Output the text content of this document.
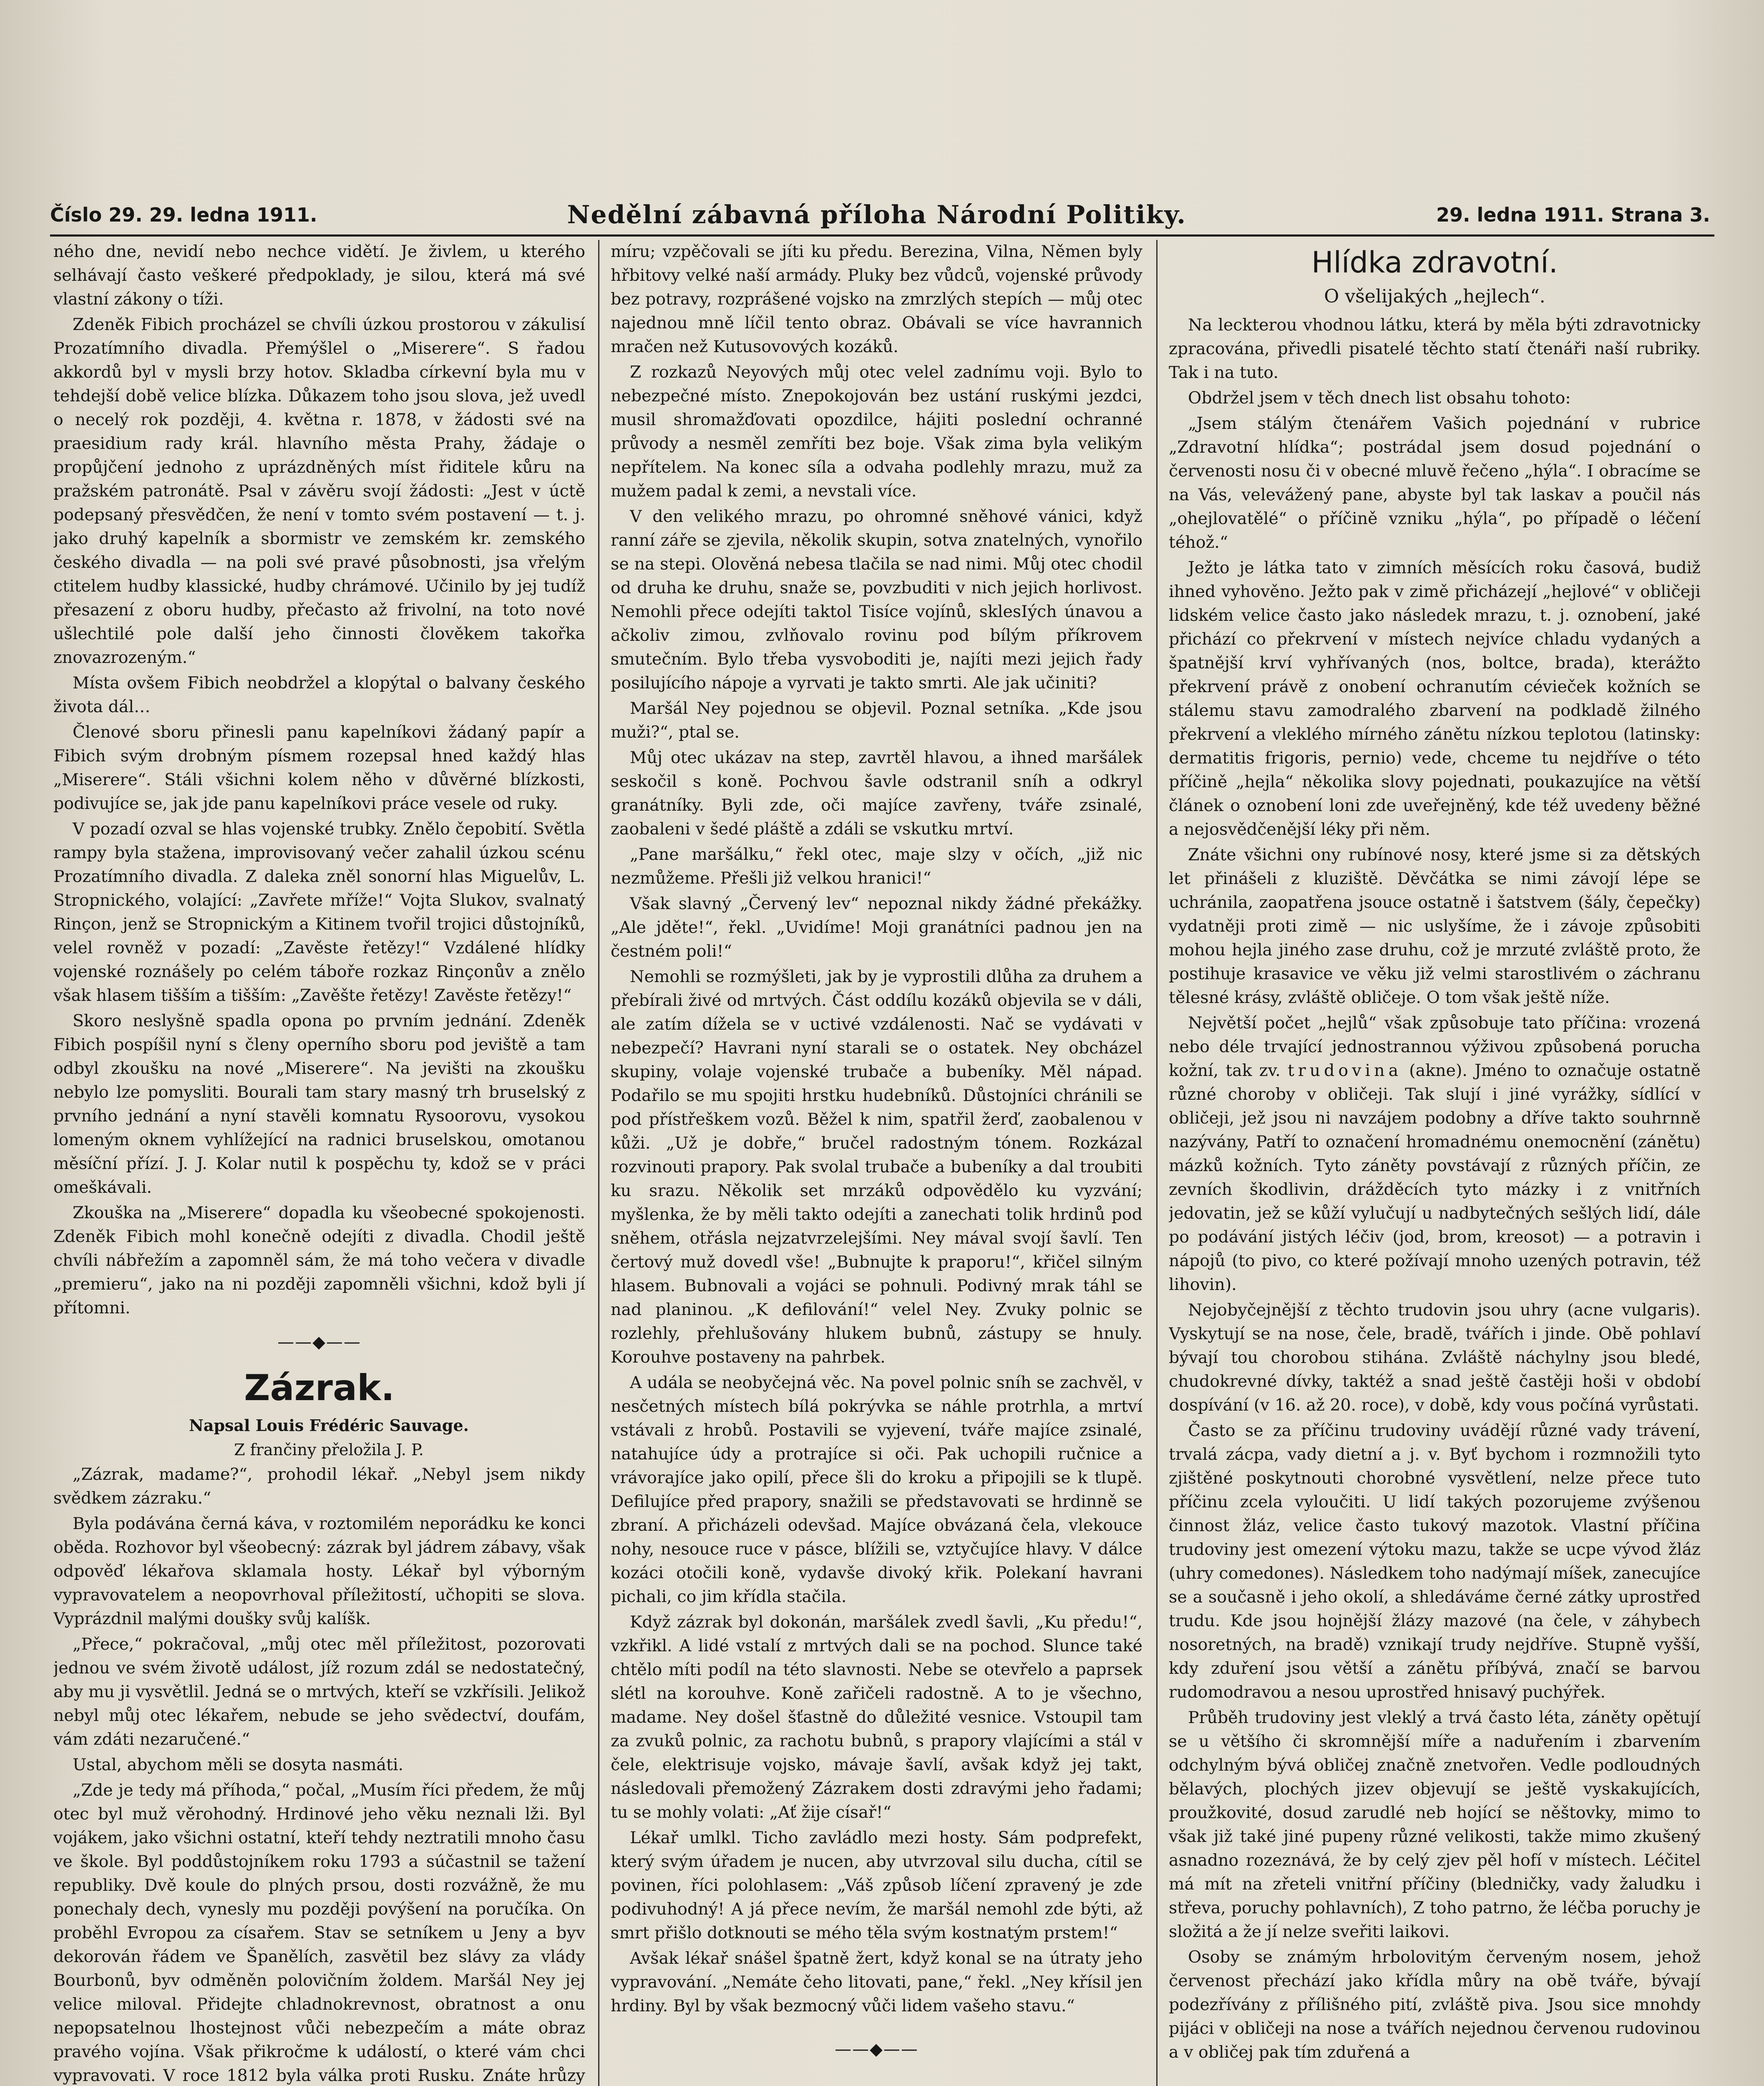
Číslo 29. 29. ledna 1911.	Nedělní zábavná příloha Národní Politiky.	29. ledna 1911. Strana 3.

ného dne, nevidí nebo nechce vidětí. Je živlem, u kterého selhávají často veškeré předpoklady, je silou, která má své vlastní zákony o tíži.

Zdeněk Fibich procházel se chvíli úzkou prostorou v zákulisí Prozatímního divadla. Přemýšlel o „Miserere“. S řadou akkordů byl v mysli brzy hotov. Skladba církevní byla mu v tehdejší době velice blízka. Důkazem toho jsou slova, jež uvedl o necelý rok později, 4. května r. 1878, v žádosti své na praesidium rady král. hlavního města Prahy, žádaje o propůjčení jednoho z uprázdněných míst řiditele kůru na pražském patronátě. Psal v závěru svojí žádosti: „Jest v úctě podepsaný přesvědčen, že není v tomto svém postavení — t. j. jako druhý kapelník a sbormistr ve zemském kr. zemského českého divadla — na poli své pravé působnosti, jsa vřelým ctitelem hudby klassické, hudby chrámové. Učinilo by jej tudíž přesazení z oboru hudby, přečasto až frivolní, na toto nové ušlechtilé pole další jeho činnosti člověkem takořka znovazrozeným.“

Místa ovšem Fibich neobdržel a klopýtal o balvany českého života dál…

Členové sboru přinesli panu kapelníkovi žádaný papír a Fibich svým drobným písmem rozepsal hned každý hlas „Miserere“. Stáli všichni kolem něho v důvěrné blízkosti, podivujíce se, jak jde panu kapelníkovi práce vesele od ruky.

V pozadí ozval se hlas vojenské trubky. Znělo čepobití. Světla rampy byla stažena, improvisovaný večer zahalil úzkou scénu Prozatímního divadla. Z daleka zněl sonorní hlas Miguelův, L. Stropnického, volající: „Zavřete mříže!“ Vojta Slukov, svalnatý Rinçon, jenž se Stropnickým a Kitinem tvořil trojici důstojníků, velel rovněž v pozadí: „Zavěste řetězy!“ Vzdálené hlídky vojenské roznášely po celém táboře rozkaz Rinçonův a znělo však hlasem tišším a tišším: „Zavěšte řetězy! Zavěste řetězy!“

Skoro neslyšně spadla opona po prvním jednání. Zdeněk Fibich pospíšil nyní s členy operního sboru pod jeviště a tam odbyl zkoušku na nové „Miserere“. Na jevišti na zkoušku nebylo lze pomysliti. Bourali tam stary masný trh bruselský z prvního jednání a nyní stavěli komnatu Rysoorovu, vysokou lomeným oknem vyhlížející na radnici bruselskou, omotanou měsíční přízí. J. J. Kolar nutil k pospěchu ty, kdož se v práci omeškávali.

Zkouška na „Miserere“ dopadla ku všeobecné spokojenosti. Zdeněk Fibich mohl konečně odejíti z divadla. Chodil ještě chvíli nábřežím a zapomněl sám, že má toho večera v divadle „premieru“, jako na ni později zapomněli všichni, kdož byli jí přítomni.

——◆——
Zázrak.

Napsal Louis Frédéric Sauvage.

Z frančiny přeložila J. P.

„Zázrak, madame?“, prohodil lékař. „Nebyl jsem nikdy svědkem zázraku.“

Byla podávána černá káva, v roztomilém neporádku ke konci oběda. Rozhovor byl všeobecný: zázrak byl jádrem zábavy, však odpověď lékařova sklamala hosty. Lékař byl výborným vypravovatelem a neopovrhoval příležitostí, učhopiti se slova. Vyprázdnil malými doušky svůj kalíšk.

„Přece,“ pokračoval, „můj otec měl příležitost, pozorovati jednou ve svém životě událost, jíž rozum zdál se nedostatečný, aby mu ji vysvětlil. Jedná se o mrtvých, kteří se vzkřísili. Jelikož nebyl můj otec lékařem, nebude se jeho svědectví, doufám, vám zdáti nezaručené.“

Ustal, abychom měli se dosyta nasmáti.

„Zde je tedy má příhoda,“ počal, „Musím říci předem, že můj otec byl muž věrohodný. Hrdinové jeho věku neznali lži. Byl vojákem, jako všichni ostatní, kteří tehdy neztratili mnoho času ve škole. Byl poddůstojníkem roku 1793 a súčastnil se tažení republiky. Dvě koule do plných prsou, dosti rozvážně, že mu ponechaly dech, vynesly mu později povýšení na poručíka. On proběhl Evropou za císařem. Stav se setníkem u Jeny a byv dekorován řádem ve Španělích, zasvětil bez slávy za vlády Bourbonů, byv odměněn polovičním žoldem. Maršál Ney jej velice miloval. Přidejte chladnokrevnost, obratnost a onu nepopsatelnou lhostejnost vůči nebezpečím a máte obraz pravého vojína. Však přikročme k událostí, o které vám chci vypravovati. V roce 1812 byla válka proti Rusku. Znáte hrůzy

míru; vzpěčovali se jíti ku předu. Berezina, Vilna, Němen byly hřbitovy velké naší armády. Pluky bez vůdců, vojenské průvody bez potravy, rozprášené vojsko na zmrzlých stepích — můj otec najednou mně líčil tento obraz. Obávali se více havrannich mračen než Kutusovových kozáků.

Z rozkazů Neyových můj otec velel zadnímu voji. Bylo to nebezpečné místo. Znepokojován bez ustání ruskými jezdci, musil shromažďovati opozdilce, hájiti poslední ochranné průvody a nesměl zemříti bez boje. Však zima byla velikým nepřítelem. Na konec síla a odvaha podlehly mrazu, muž za mužem padal k zemi, a nevstali více.

V den velikého mrazu, po ohromné sněhové vánici, když ranní záře se zjevila, několik skupin, sotva znatelných, vynořilo se na stepi. Olověná nebesa tlačila se nad nimi. Můj otec chodil od druha ke druhu, snaže se, povzbuditi v nich jejich horlivost. Nemohli přece odejíti taktol Tisíce vojínů, sklesIých únavou a ačkoliv zimou, zvlňovalo rovinu pod bílým příkrovem smutečním. Bylo třeba vysvoboditi je, najíti mezi jejich řady posilujícího nápoje a vyrvati je takto smrti. Ale jak učiniti?

Maršál Ney pojednou se objevil. Poznal setníka. „Kde jsou muži?“, ptal se.

Můj otec ukázav na step, zavrtěl hlavou, a ihned maršálek seskočil s koně. Pochvou šavle odstranil sníh a odkryl granátníky. Byli zde, oči majíce zavřeny, tváře zsinalé, zaobaleni v šedé pláště a zdáli se vskutku mrtví.

„Pane maršálku,“ řekl otec, maje slzy v očích, „již nic nezmůžeme. Přešli již velkou hranici!“

Však slavný „Červený lev“ nepoznal nikdy žádné překážky. „Ale jděte!“, řekl. „Uvidíme! Moji granátníci padnou jen na čestném poli!“

Nemohli se rozmýšleti, jak by je vyprostili dlůha za druhem a přebírali živé od mrtvých. Část oddílu kozáků objevila se v dáli, ale zatím dížela se v uctivé vzdálenosti. Nač se vydávati v nebezpečí? Havrani nyní starali se o ostatek. Ney obcházel skupiny, volaje vojenské trubače a bubeníky. Měl nápad. Podařilo se mu spojiti hrstku hudebníků. Důstojníci chránili se pod přístřeškem vozů. Běžel k nim, spatřil žerď, zaobalenou v kůži. „Už je dobře,“ bručel radostným tónem. Rozkázal rozvinouti prapory. Pak svolal trubače a bubeníky a dal troubiti ku srazu. Několik set mrzáků odpovědělo ku vyzvání; myšlenka, že by měli takto odejíti a zanechati tolik hrdinů pod sněhem, otřásla nejzatvrzelejšími. Ney mával svojí šavlí. Ten čertový muž dovedl vše! „Bubnujte k praporu!“, křičel silným hlasem. Bubnovali a vojáci se pohnuli. Podivný mrak táhl se nad planinou. „K defilování!“ velel Ney. Zvuky polnic se rozlehly, přehlušovány hlukem bubnů, zástupy se hnuly. Korouhve postaveny na pahrbek.

A udála se neobyčejná věc. Na povel polnic sníh se zachvěl, v nesčetných místech bílá pokrývka se náhle protrhla, a mrtví vstávali z hrobů. Postavili se vyjevení, tváře majíce zsinalé, natahujíce údy a protrajíce si oči. Pak uchopili ručnice a vrávorajíce jako opilí, přece šli do kroku a připojili se k tlupě. Defilujíce před prapory, snažili se představovati se hrdinně se zbraní. A přicházeli odevšad. Majíce obvázaná čela, vlekouce nohy, nesouce ruce v pásce, blížili se, vztyčujíce hlavy. V dálce kozáci otočili koně, vydavše divoký křik. Polekaní havrani pichali, co jim křídla stačila.

Když zázrak byl dokonán, maršálek zvedl šavli, „Ku předu!“, vzkřikl. A lidé vstalí z mrtvých dali se na pochod. Slunce také chtělo míti podíl na této slavnosti. Nebe se otevřelo a paprsek slétl na korouhve. Koně zařičeli radostně. A to je všechno, madame. Ney došel šťastně do důležité vesnice. Vstoupil tam za zvuků polnic, za rachotu bubnů, s prapory vlajícími a stál v čele, elektrisuje vojsko, mávaje šavlí, avšak když jej takt, následovali přemožený Zázrakem dosti zdravými jeho řadami; tu se mohly volati: „Ať žije císař!“

Lékař umlkl. Ticho zavládlo mezi hosty. Sám podprefekt, který svým úřadem je nucen, aby utvrzoval silu ducha, cítil se povinen, říci polohlasem: „Váš způsob líčení zpravený je zde podivuhodný! A já přece nevím, že maršál nemohl zde býti, až smrt přišlo dotknouti se mého těla svým kostnatým prstem!“

Avšak lékař snášel špatně žert, když konal se na útraty jeho vypravování. „Nemáte čeho litovati, pane,“ řekl. „Ney křísil jen hrdiny. Byl by však bezmocný vůči lidem vašeho stavu.“

——◆——
Hlídka zdravotní.
O všelijakých „hejlech“.

Na leckterou vhodnou látku, která by měla býti zdravotnicky zpracována, přivedli pisatelé těchto statí čtenáři naší rubriky. Tak i na tuto.

Obdržel jsem v těch dnech list obsahu tohoto:

„Jsem stálým čtenářem Vašich pojednání v rubrice „Zdravotní hlídka“; postrádal jsem dosud pojednání o červenosti nosu či v obecné mluvě řečeno „hýla“. I obracíme se na Vás, velevážený pane, abyste byl tak laskav a poučil nás „ohejlovatělé“ o příčině vzniku „hýla“, po případě o léčení téhož.“

Ježto je látka tato v zimních měsících roku časová, budiž ihned vyhověno. Ježto pak v zimě přicházejí „hejlové“ v obličeji lidském velice často jako následek mrazu, t. j. oznobení, jaké přichází co překrvení v místech nejvíce chladu vydaných a špatnější krví vyhřívaných (nos, boltce, brada), kterážto překrvení právě z onobení ochranutím cévieček kožních se stálemu stavu zamodralého zbarvení na podkladě žilného překrvení a vleklého mírného zánětu nízkou teplotou (latinsky: dermatitis frigoris, pernio) vede, chceme tu nejdříve o této příčině „hejla“ několika slovy pojednati, poukazujíce na větší článek o oznobení loni zde uveřejněný, kde též uvedeny běžné a nejosvědčenější léky při něm.

Znáte všichni ony rubínové nosy, které jsme si za dětských let přinášeli z kluziště. Děvčátka se nimi závojí lépe se uchránila, zaopatřena jsouce ostatně i šatstvem (šály, čepečky) vydatněji proti zimě — nic uslyšíme, že i závoje způsobiti mohou hejla jiného zase druhu, což je mrzuté zvláště proto, že postihuje krasavice ve věku již velmi starostlivém o záchranu tělesné krásy, zvláště obličeje. O tom však ještě níže.

Největší počet „hejlů“ však způsobuje tato příčina: vrozená nebo déle trvající jednostrannou výživou způsobená porucha kožní, tak zv. trudovina (akne). Jméno to označuje ostatně různé choroby v obličeji. Tak slují i jiné vyrážky, sídlící v obličeji, jež jsou ni navzájem podobny a dříve takto souhrnně nazývány, Patří to označení hromadnému onemocnění (zánětu) mázků kožních. Tyto záněty povstávají z různých příčin, ze zevních škodlivin, drážděcích tyto mázky i z vnitřních jedovatin, jež se kůží vylučují u nadbytečných sešlých lidí, dále po podávání jistých léčiv (jod, brom, kreosot) — a potravin i nápojů (to pivo, co které požívají mnoho uzených potravin, též lihovin).

Nejobyčejnější z těchto trudovin jsou uhry (acne vulgaris). Vyskytují se na nose, čele, bradě, tvářích i jinde. Obě pohlaví bývají tou chorobou stihána. Zvláště náchylny jsou bledé, chudokrevné dívky, taktéž a snad ještě častěji hoši v období dospívání (v 16. až 20. roce), v době, kdy vous počíná vyrůstati.

Často se za příčinu trudoviny uvádějí různé vady trávení, trvalá zácpa, vady dietní a j. v. Byť bychom i rozmnožili tyto zjištěné poskytnouti chorobné vysvětlení, nelze přece tuto příčinu zcela vyloučiti. U lidí takých pozorujeme zvýšenou činnost žláz, velice často tukový mazotok. Vlastní příčina trudoviny jest omezení výtoku mazu, takže se ucpe vývod žláz (uhry comedones). Následkem toho nadýmají míšek, zanecujíce se a současně i jeho okolí, a shledáváme černé zátky uprostřed trudu. Kde jsou hojnější žlázy mazové (na čele, v záhybech nosoretných, na bradě) vznikají trudy nejdříve. Stupně vyšší, kdy zduření jsou větší a zánětu příbývá, značí se barvou rudomodravou a nesou uprostřed hnisavý puchýřek.

Průběh trudoviny jest vleklý a trvá často léta, záněty opětují se u většího či skromnější míře a naduřením i zbarvením odchylným bývá obličej značně znetvořen. Vedle podloudných bělavých, plochých jizev objevují se ještě vyskakujících, proužkovité, dosud zarudlé neb hojící se něštovky, mimo to však již také jiné pupeny různé velikosti, takže mimo zkušený asnadno rozeznává, že by celý zjev pěl hofí v místech. Léčitel má mít na zřeteli vnitřní příčiny (bledničky, vady žaludku i střeva, poruchy pohlavních), Z toho patrno, že léčba poruchy je složitá a že jí nelze sveřiti laikovi.

Osoby se známým hrbolovitým červeným nosem, jehož červenost přechází jako křídla můry na obě tváře, bývají podezřívány z přílišného pití, zvláště piva. Jsou sice mnohdy pijáci v obličeji na nose a tvářích nejednou červenou rudovinou a v obličej pak tím zduřená a
